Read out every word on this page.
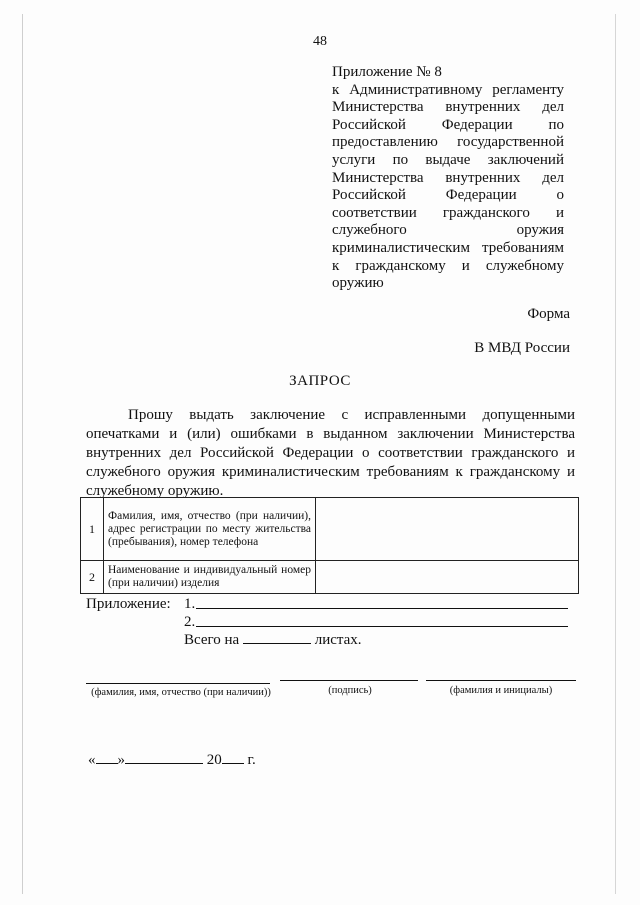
48
Приложение № 8
к Административному регламенту Министерства внутренних дел Российской Федерации по предоставлению государственной услуги по выдаче заключений Министерства внутренних дел Российской Федерации о соответствии гражданского и служебного оружия криминалистическим требованиям к гражданскому и служебному
оружию
Форма
В МВД России
ЗАПРОС
Прошу выдать заключение с исправленными допущенными опечатками и (или) ошибками в выданном заключении Министерства внутренних дел Российской Федерации о соответствии гражданского и служебного оружия криминалистическим требованиям к гражданскому и служебному оружию.
1	Фамилия, имя, отчество (при наличии), адрес регистрации по месту жительства (пребывания), номер телефона	
2	Наименование и индивидуальный номер (при наличии) изделия	
Приложение: 1.
2.
Всего на	листах.
(фамилия, имя, отчество (при наличии))	(подпись)	(фамилия и инициалы)
« »	20 г.
